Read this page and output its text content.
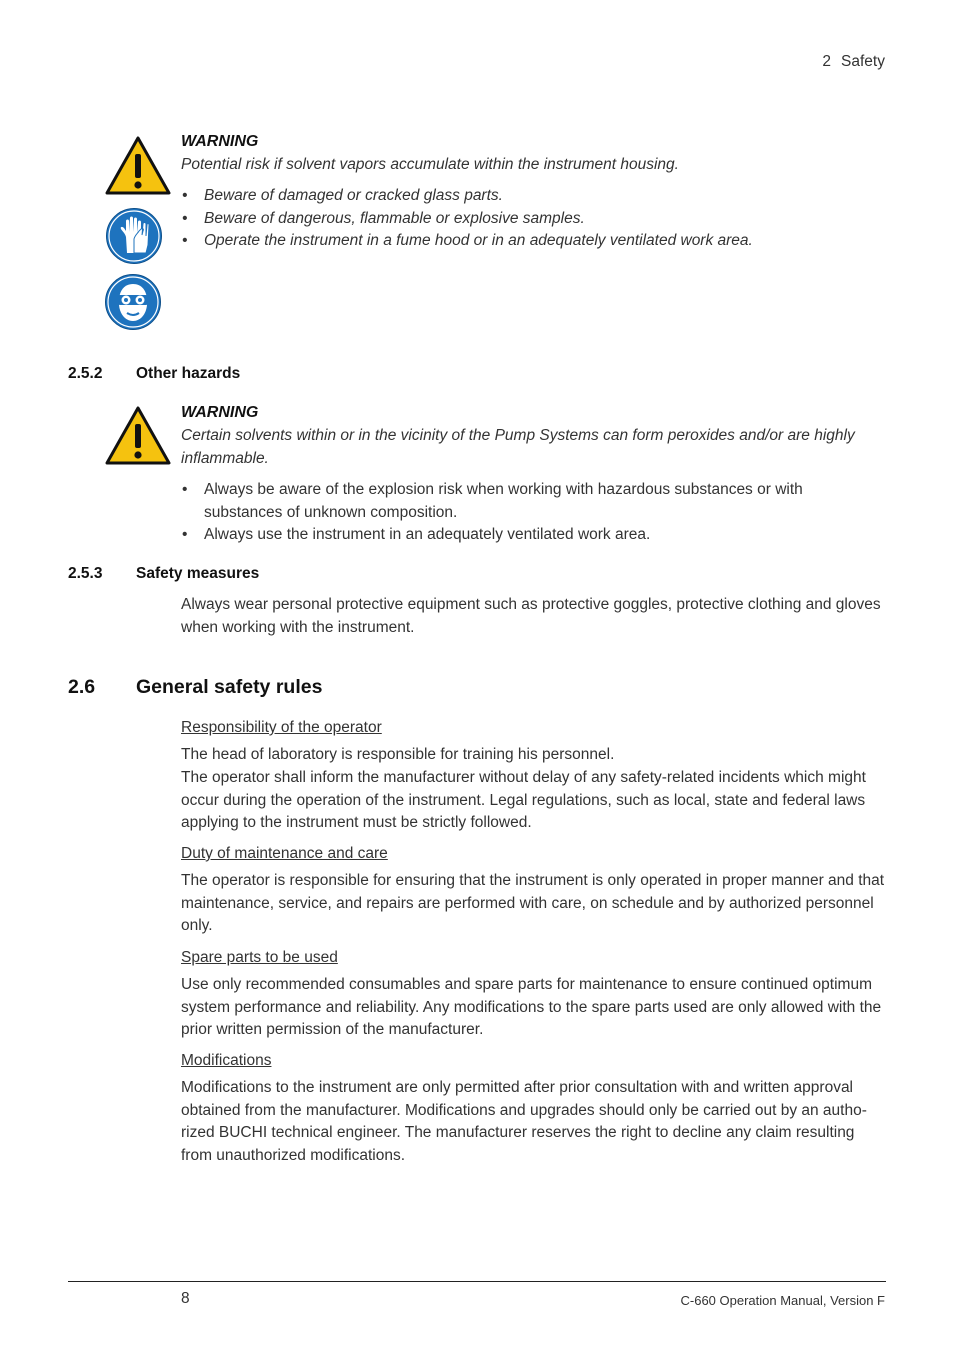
2 Safety
WARNING
Potential risk if solvent vapors accumulate within the instrument housing.
• Beware of damaged or cracked glass parts.
• Beware of dangerous, flammable or explosive samples.
• Operate the instrument in a fume hood or in an adequately ventilated work area.
2.5.2 Other hazards
WARNING
Certain solvents within or in the vicinity of the Pump Systems can form peroxides and/or are highly inflammable.
• Always be aware of the explosion risk when working with hazardous substances or with substances of unknown composition.
• Always use the instrument in an adequately ventilated work area.
2.5.3 Safety measures
Always wear personal protective equipment such as protective goggles, protective clothing and gloves when working with the instrument.
2.6 General safety rules
Responsibility of the operator
The head of laboratory is responsible for training his personnel.
The operator shall inform the manufacturer without delay of any safety-related incidents which might occur during the operation of the instrument. Legal regulations, such as local, state and federal laws applying to the instrument must be strictly followed.
Duty of maintenance and care
The operator is responsible for ensuring that the instrument is only operated in proper manner and that maintenance, service, and repairs are performed with care, on schedule and by authorized personnel only.
Spare parts to be used
Use only recommended consumables and spare parts for maintenance to ensure continued optimum system performance and reliability. Any modifications to the spare parts used are only allowed with the prior written permission of the manufacturer.
Modifications
Modifications to the instrument are only permitted after prior consultation with and written approval obtained from the manufacturer. Modifications and upgrades should only be carried out by an autho-rized BUCHI technical engineer. The manufacturer reserves the right to decline any claim resulting from unauthorized modifications.
8	C-660 Operation Manual, Version F
